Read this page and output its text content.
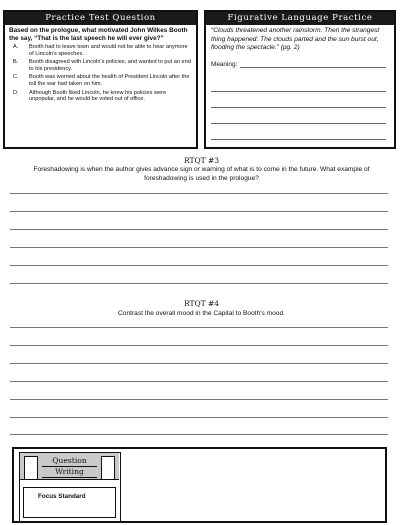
Practice Test Question
Based on the prologue, what motivated John Wilkes Booth the say, “That is the last speech he will ever give?”
A.	Booth had to leave town and would not be able to hear anymore of Lincoln's speeches.
B.	Booth disagreed with Lincoln's policies, and wanted to put an end to his presidency.
C.	Booth was worried about the health of President Lincoln after the toll the war had taken on him.
D.	Although Booth liked Lincoln, he knew his policies were unpopular, and he would be voted out of office.
Figurative Language Practice
“Clouds threatened another rainstorm. Then the strangest thing happened: The clouds parted and the sun burst out, flooding the spectacle.” (pg. 2)
Meaning:
RTQT #3
Foreshadowing is when the author gives advance sign or warning of what is to come in the future. What example of foreshadowing is used in the prologue?
RTQT #4
Contrast the overall mood in the Capital to Booth's mood.
Question
Writing
Focus Standard
